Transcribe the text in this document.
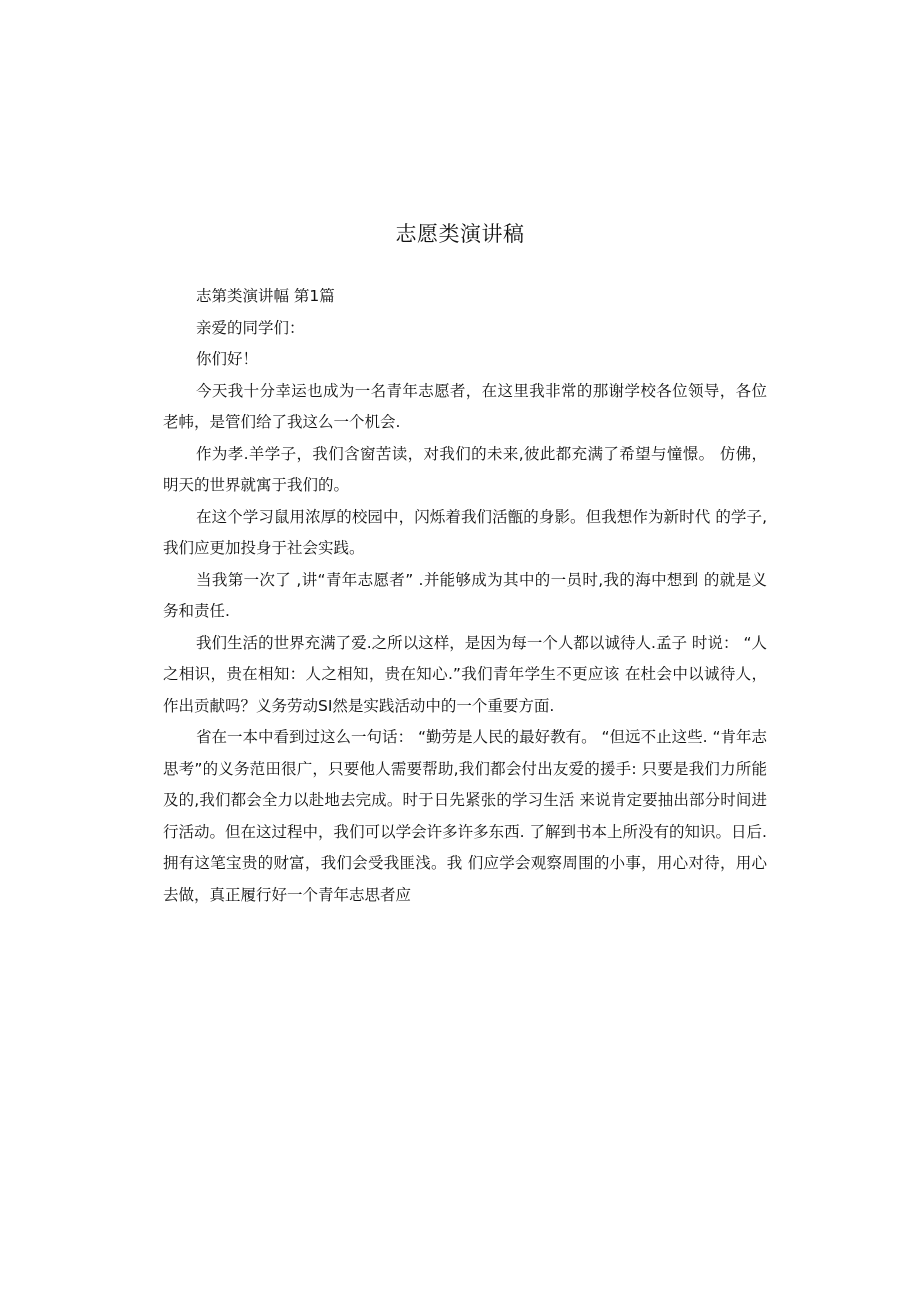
志愿类演讲稿

志第类演讲幅 第1篇

亲爱的同学们：

你们好！

今天我十分幸运也成为一名青年志愿者，在这里我非常的那谢学校各位领导，各位老帏，是管们给了我这么一个机会.

作为孝.羊学子，我们含窗苦读，对我们的未来,彼此都充满了希望与憧憬。 仿佛，明天的世界就寓于我们的。

在这个学习鼠用浓厚的校园中，闪烁着我们活甑的身影。但我想作为新时代 的学子,我们应更加投身于社会实践。

当我第一次了 ,讲“青年志愿者” .并能够成为其中的一员时,我的海中想到 的就是义务和责任.

我们生活的世界充满了爱.之所以这样，是因为每一个人都以诚待人.孟子 时说： “人之相识，贵在相知：人之相知，贵在知心.”我们青年学生不更应该 在杜会中以诚待人，作出贡献吗？义务劳动SI然是实践活动中的一个重要方面.

省在一本中看到过这么一句话： “勤劳是人民的最好教有。 “但远不止这些. “肯年志思考”的义务范田很广，只要他人需要帮助,我们都会付出友爱的援手: 只要是我们力所能及的,我们都会全力以赴地去完成。时于日先紧张的学习生活 来说肯定要抽出部分时间进行活动。但在这过程中，我们可以学会许多许多东西. 了解到书本上所没有的知识。日后.拥有这笔宝贵的财富，我们会受我匪浅。我 们应学会观察周围的小事，用心对待，用心去做，真正履行好一个青年志思者应
